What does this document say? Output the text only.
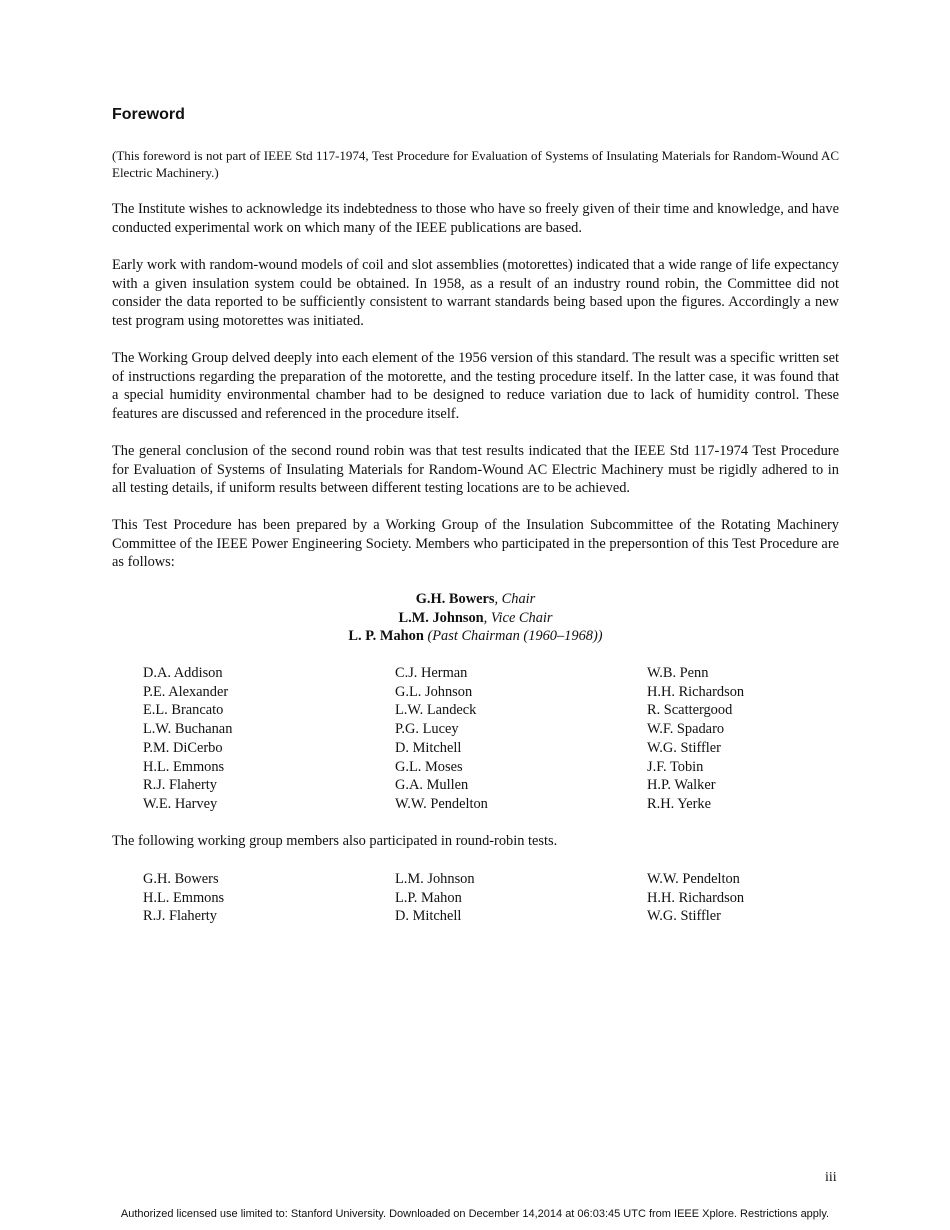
Foreword

(This foreword is not part of IEEE Std 117-1974, Test Procedure for Evaluation of Systems of Insulating Materials for Random-Wound AC Electric Machinery.)

The Institute wishes to acknowledge its indebtedness to those who have so freely given of their time and knowledge, and have conducted experimental work on which many of the IEEE publications are based.

Early work with random-wound models of coil and slot assemblies (motorettes) indicated that a wide range of life expectancy with a given insulation system could be obtained. In 1958, as a result of an industry round robin, the Committee did not consider the data reported to be sufficiently consistent to warrant standards being based upon the figures. Accordingly a new test program using motorettes was initiated.

The Working Group delved deeply into each element of the 1956 version of this standard. The result was a specific written set of instructions regarding the preparation of the motorette, and the testing procedure itself. In the latter case, it was found that a special humidity environmental chamber had to be designed to reduce variation due to lack of humidity control. These features are discussed and referenced in the procedure itself.

The general conclusion of the second round robin was that test results indicated that the IEEE Std 117-1974 Test Procedure for Evaluation of Systems of Insulating Materials for Random-Wound AC Electric Machinery must be rigidly adhered to in all testing details, if uniform results between different testing locations are to be achieved.

This Test Procedure has been prepared by a Working Group of the Insulation Subcommittee of the Rotating Machinery Committee of the IEEE Power Engineering Society. Members who participated in the prepersontion of this Test Procedure are as follows:

G.H. Bowers, Chair
L.M. Johnson, Vice Chair
L. P. Mahon (Past Chairman (1960–1968))
D.A. Addison
P.E. Alexander
E.L. Brancato
L.W. Buchanan
P.M. DiCerbo
H.L. Emmons
R.J. Flaherty
W.E. Harvey
C.J. Herman
G.L. Johnson
L.W. Landeck
P.G. Lucey
D. Mitchell
G.L. Moses
G.A. Mullen
W.W. Pendelton
W.B. Penn
H.H. Richardson
R. Scattergood
W.F. Spadaro
W.G. Stiffler
J.F. Tobin
H.P. Walker
R.H. Yerke

The following working group members also participated in round-robin tests.

G.H. Bowers
H.L. Emmons
R.J. Flaherty
L.M. Johnson
L.P. Mahon
D. Mitchell
W.W. Pendelton
H.H. Richardson
W.G. Stiffler
iii
Authorized licensed use limited to: Stanford University. Downloaded on December 14,2014 at 06:03:45 UTC from IEEE Xplore. Restrictions apply.
